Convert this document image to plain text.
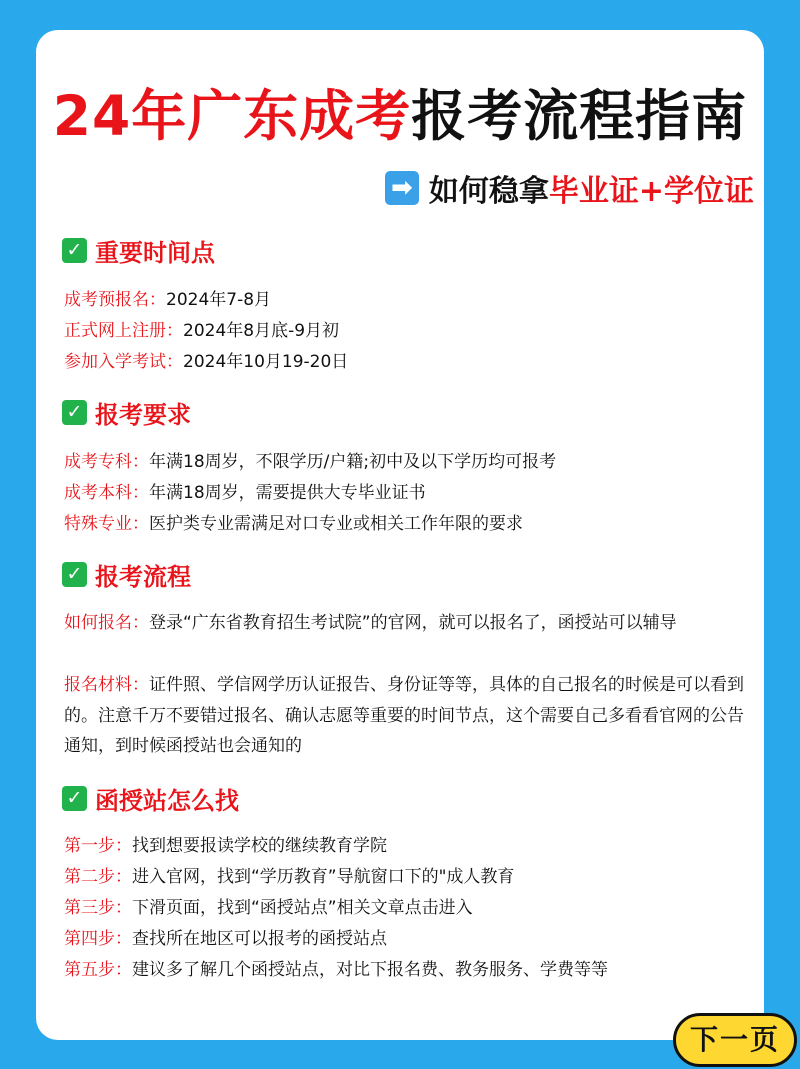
24年广东成考报考流程指南
➡ 如何稳拿 毕业证+学位证
✓ 重要时间点
成考预报名：2024年7-8月
正式网上注册：2024年8月底-9月初
参加入学考试：2024年10月19-20日
✓ 报考要求
成考专科：年满18周岁，不限学历/户籍;初中及以下学历均可报考
成考本科：年满18周岁，需要提供大专毕业证书
特殊专业：医护类专业需满足对口专业或相关工作年限的要求
✓ 报考流程
如何报名：登录“广东省教育招生考试院”的官网，就可以报名了，函授站可以辅导
报名材料：证件照、学信网学历认证报告、身份证等等，具体的自己报名的时候是可以看到的。注意千万不要错过报名、确认志愿等重要的时间节点，这个需要自己多看看官网的公告通知，到时候函授站也会通知的
✓ 函授站怎么找
第一步：找到想要报读学校的继续教育学院
第二步：进入官网，找到“学历教育”导航窗口下的"成人教育
第三步：下滑页面，找到“函授站点”相关文章点击进入
第四步：查找所在地区可以报考的函授站点
第五步：建议多了解几个函授站点，对比下报名费、教务服务、学费等等
下一页
